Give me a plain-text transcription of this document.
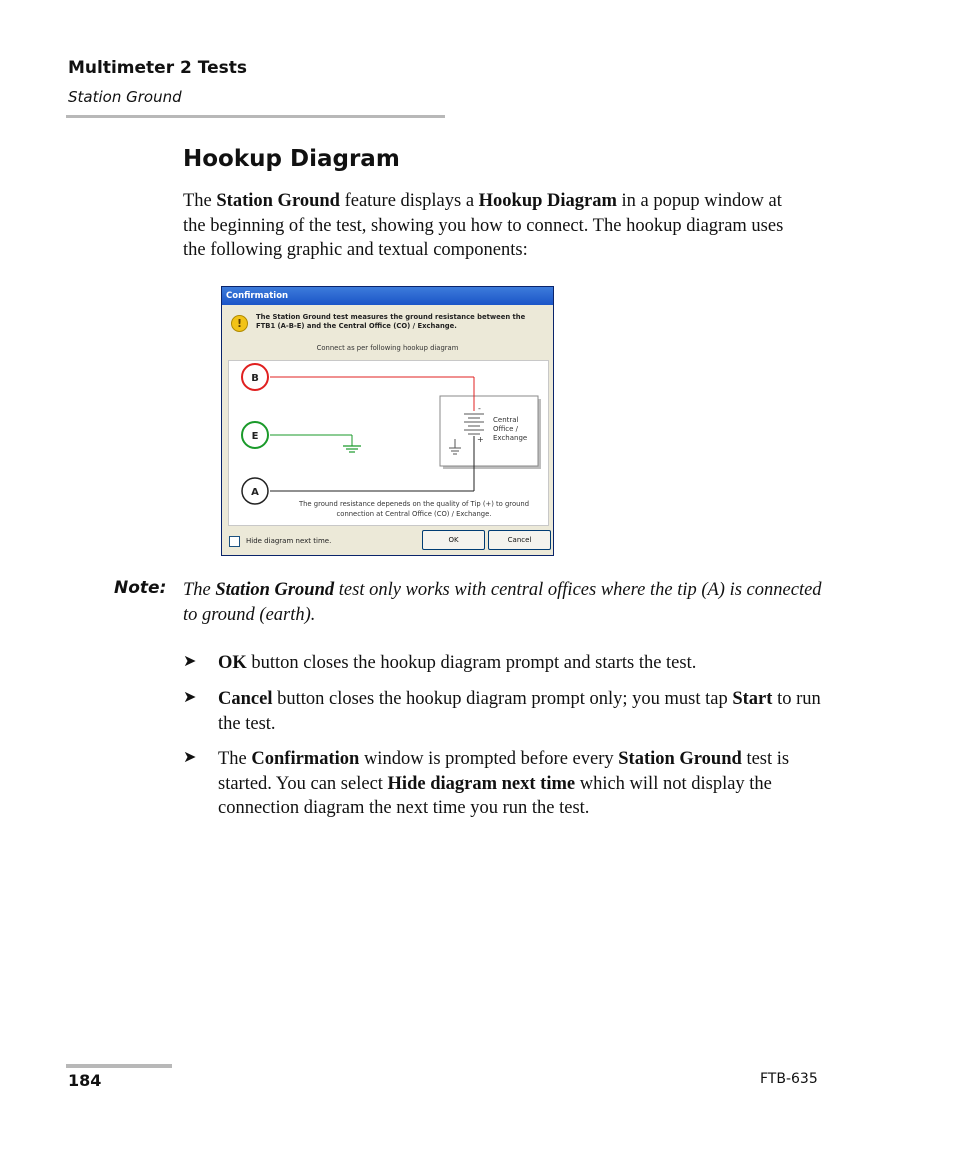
Multimeter 2 Tests
Station Ground
Hookup Diagram

The Station Ground feature displays a Hookup Diagram in a popup window at the beginning of the test, showing you how to connect. The hookup diagram uses the following graphic and textual components:

Confirmation
!	The Station Ground test measures the ground resistance between the FTB1 (A-B-E) and the Central Office (CO) / Exchange.
Connect as per following hookup diagram
-
+
Central
Office /
Exchange
B
E
A
The ground resistance depeneds on the quality of Tip (+) to ground
connection at Central Office (CO) / Exchange.
Hide diagram next time.	OK	Cancel
Note: The Station Ground test only works with central offices where the tip (A) is connected to ground (earth).
➤ OK button closes the hookup diagram prompt and starts the test.
➤ Cancel button closes the hookup diagram prompt only; you must tap Start to run the test.
➤ The Confirmation window is prompted before every Station Ground test is started. You can select Hide diagram next time which will not display the connection diagram the next time you run the test.
184	FTB-635
